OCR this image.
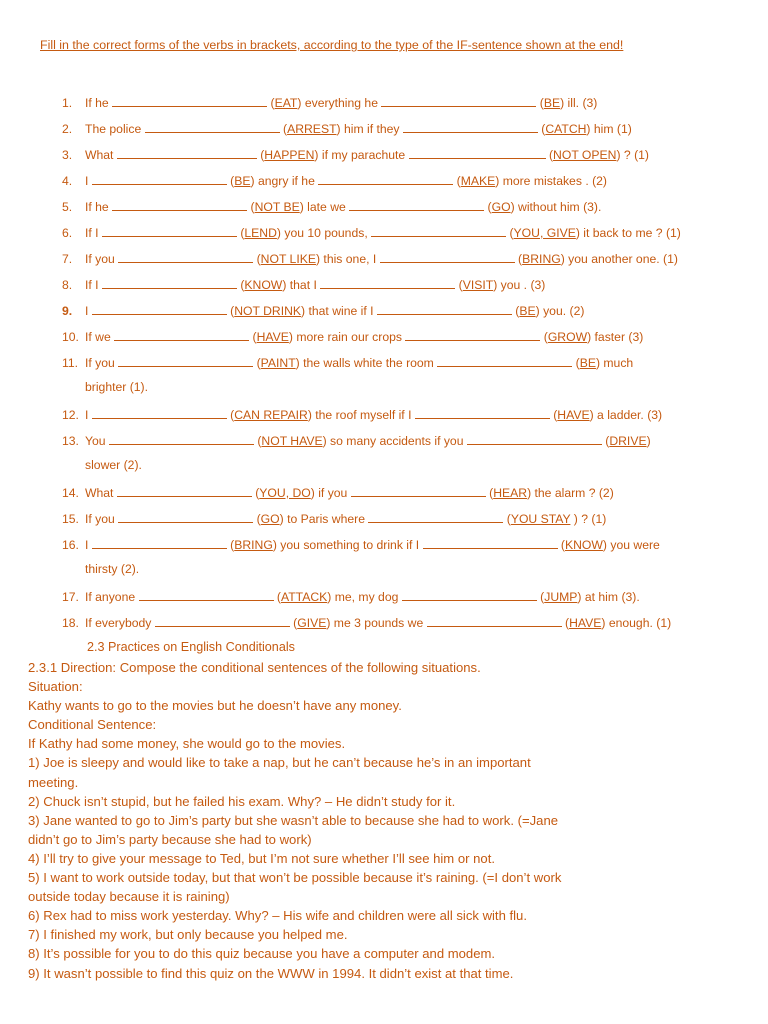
Fill in the correct forms of the verbs in brackets, according to the type of the IF-sentence shown at the end!
1. If he	(EAT) everything he	(BE) ill. (3)
2. The police	(ARREST) him if they	(CATCH) him (1)
3. What	(HAPPEN) if my parachute	(NOT OPEN) ? (1)
4. I	(BE) angry if he	(MAKE) more mistakes . (2)
5. If he	(NOT BE) late we	(GO) without him (3).
6. If I	(LEND) you 10 pounds,	(YOU, GIVE) it back to me ? (1)
7. If you	(NOT LIKE) this one, I	(BRING) you another one. (1)
8. If I	(KNOW) that I	(VISIT) you . (3)
9. I	(NOT DRINK) that wine if I	(BE) you. (2)
10. If we	(HAVE) more rain our crops	(GROW) faster (3)
11. If you	(PAINT) the walls white the room	(BE) much
brighter (1).
12. I	(CAN REPAIR) the roof myself if I	(HAVE) a ladder. (3)
13. You	(NOT HAVE) so many accidents if you	(DRIVE)
slower (2).
14. What	(YOU, DO) if you	(HEAR) the alarm ? (2)
15. If you	(GO) to Paris where	(YOU STAY ) ? (1)
16. I	(BRING) you something to drink if I	(KNOW) you were
thirsty (2).
17. If anyone	(ATTACK) me, my dog	(JUMP) at him (3).
18. If everybody	(GIVE) me 3 pounds we	(HAVE) enough. (1)
2.3 Practices on English Conditionals
2.3.1 Direction: Compose the conditional sentences of the following situations.
Situation:
Kathy wants to go to the movies but he doesn’t have any money.
Conditional Sentence:
If Kathy had some money, she would go to the movies.
1) Joe is sleepy and would like to take a nap, but he can’t because he’s in an important
meeting.
2) Chuck isn’t stupid, but he failed his exam. Why? – He didn’t study for it.
3) Jane wanted to go to Jim’s party but she wasn’t able to because she had to work. (=Jane
didn’t go to Jim’s party because she had to work)
4) I’ll try to give your message to Ted, but I’m not sure whether I’ll see him or not.
5) I want to work outside today, but that won’t be possible because it’s raining. (=I don’t work
outside today because it is raining)
6) Rex had to miss work yesterday. Why? – His wife and children were all sick with flu.
7) I finished my work, but only because you helped me.
8) It’s possible for you to do this quiz because you have a computer and modem.
9) It wasn’t possible to find this quiz on the WWW in 1994. It didn’t exist at that time.
